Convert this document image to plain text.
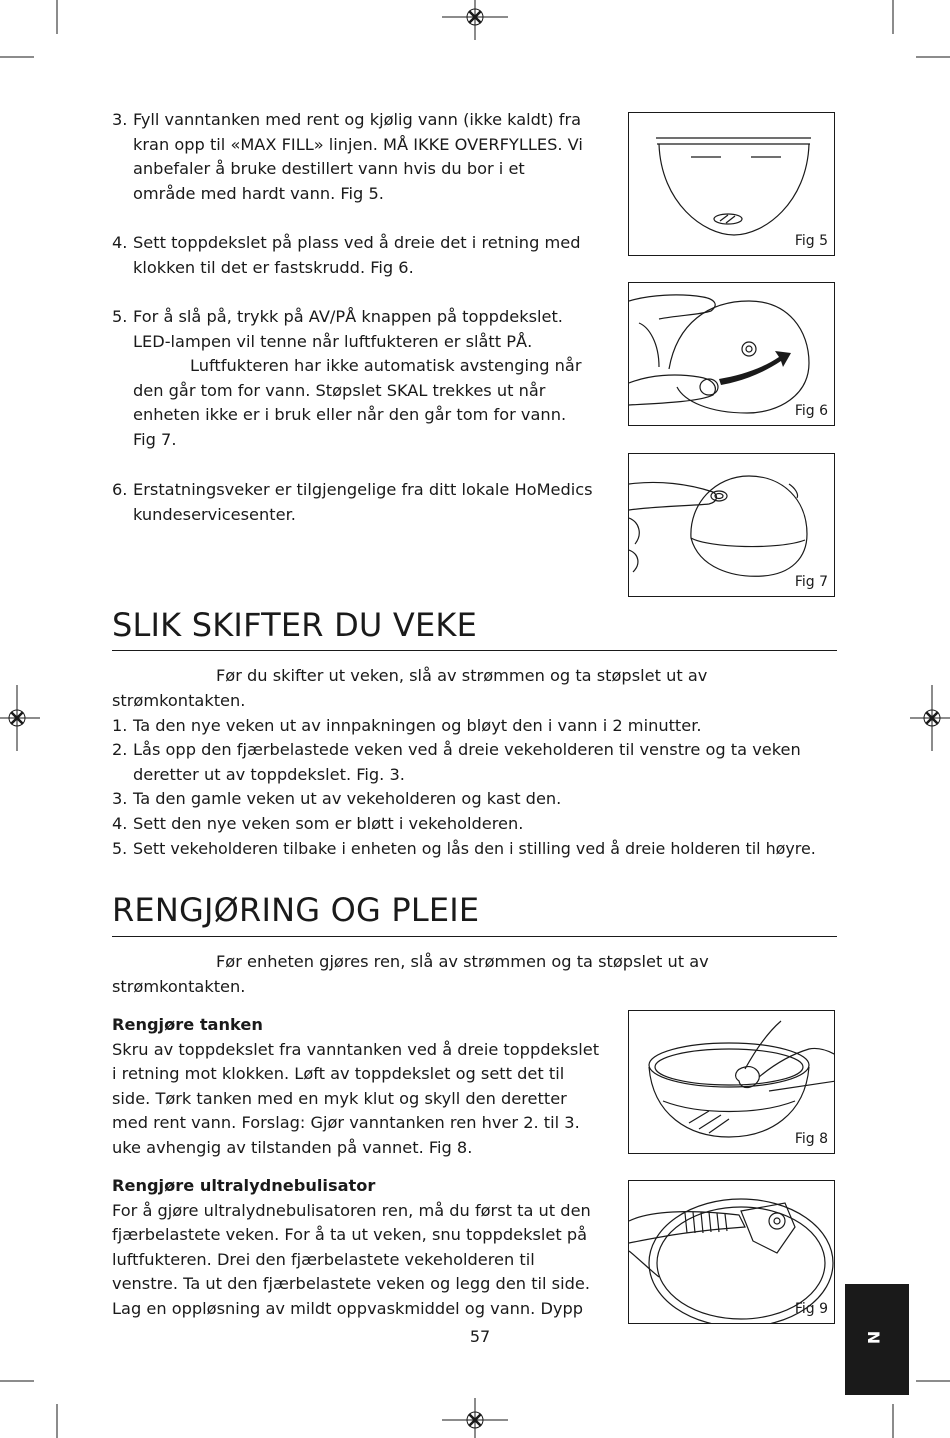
3. Fyll vanntanken med rent og kjølig vann (ikke kaldt) fra kran opp til «MAX FILL» linjen. MÅ IKKE OVERFYLLES. Vi anbefaler å bruke destillert vann hvis du bor i et område med hardt vann. Fig 5.
4. Sett toppdekslet på plass ved å dreie det i retning med klokken til det er fastskrudd. Fig 6.
5. For å slå på, trykk på AV/PÅ knappen på toppdekslet. LED-lampen vil tenne når luftfukteren er slått PÅ.
Luftfukteren har ikke automatisk avstenging når den går tom for vann. Støpslet SKAL trekkes ut når enheten ikke er i bruk eller når den går tom for vann. Fig 7.
6. Erstatningsveker er tilgjengelige fra ditt lokale HoMedics kundeservicesenter.
Fig 5
Fig 6
Fig 7
SLIK SKIFTER DU VEKE
Før du skifter ut veken, slå av strømmen og ta støpslet ut av strømkontakten.
1. Ta den nye veken ut av innpakningen og bløyt den i vann i 2 minutter.
2. Lås opp den fjærbelastede veken ved å dreie vekeholderen til venstre og ta veken deretter ut av toppdekslet. Fig. 3.
3. Ta den gamle veken ut av vekeholderen og kast den.
4. Sett den nye veken som er bløtt i vekeholderen.
5. Sett vekeholderen tilbake i enheten og lås den i stilling ved å dreie holderen til høyre.
RENGJØRING OG PLEIE
Før enheten gjøres ren, slå av strømmen og ta støpslet ut av strømkontakten.
Rengjøre tanken
Skru av toppdekslet fra vanntanken ved å dreie toppdekslet i retning mot klokken. Løft av toppdekslet og sett det til side. Tørk tanken med en myk klut og skyll den deretter med rent vann. Forslag: Gjør vanntanken ren hver 2. til 3. uke avhengig av tilstanden på vannet. Fig 8.
Rengjøre ultralydnebulisator
For å gjøre ultralydnebulisatoren ren, må du først ta ut den fjærbelastete veken. For å ta ut veken, snu toppdekslet på luftfukteren. Drei den fjærbelastete vekeholderen til venstre. Ta ut den fjærbelastete veken og legg den til side. Lag en oppløsning av mildt oppvaskmiddel og vann. Dypp
Fig 8
Fig 9
57	N
